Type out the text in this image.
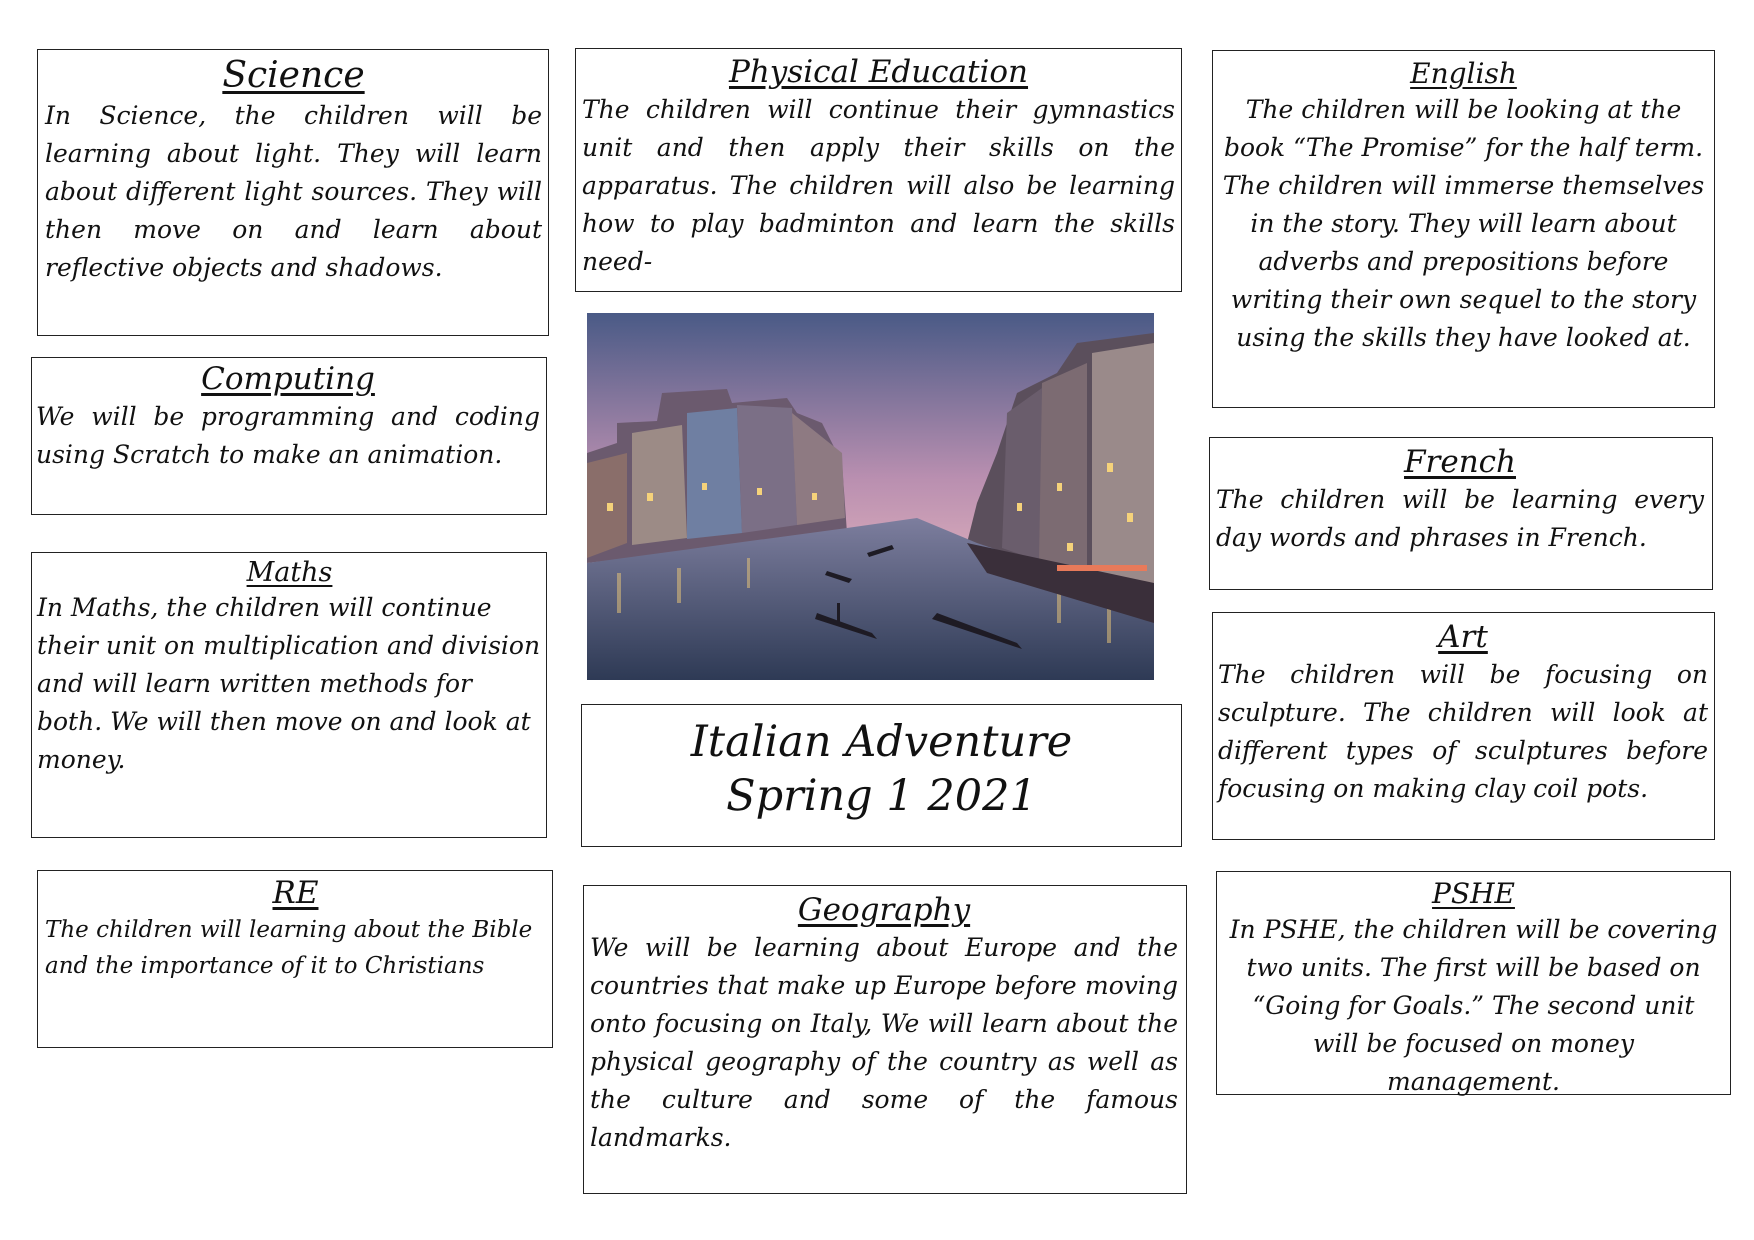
Science

In Science, the children will be learning about light. They will learn about different light sources. They will then move on and learn about reflective objects and shadows.

Computing

We will be programming and coding using Scratch to make an animation.

Maths

In Maths, the children will continue their unit on multiplication and division and will learn written methods for both. We will then move on and look at money.

RE

The children will learning about the Bible and the importance of it to Christians

Physical Education

The children will continue their gymnastics unit and then apply their skills on the apparatus. The children will also be learning how to play badminton and learn the skills need-

Italian Adventure
Spring 1 2021
Geography

We will be learning about Europe and the countries that make up Europe before moving onto focusing on Italy, We will learn about the physical geography of the country as well as the culture and some of the famous landmarks.

English

The children will be looking at the book “The Promise” for the half term. The children will immerse themselves in the story. They will learn about adverbs and prepositions before writing their own sequel to the story using the skills they have looked at.

French

The children will be learning every day words and phrases in French.

Art

The children will be focusing on sculpture. The children will look at different types of sculptures before focusing on making clay coil pots.

PSHE

In PSHE, the children will be covering two units. The first will be based on “Going for Goals.” The second unit will be focused on money management.
